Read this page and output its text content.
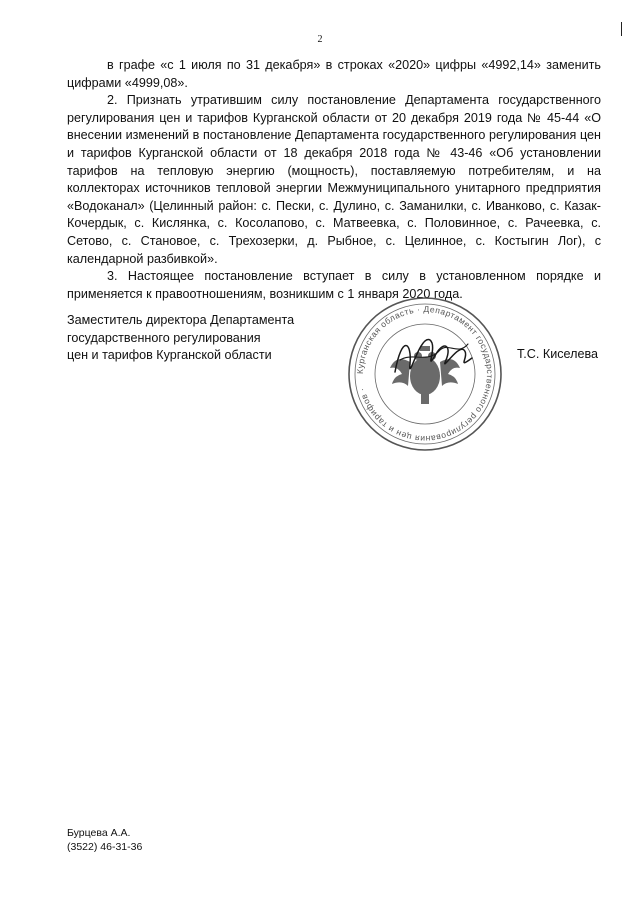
2

в графе «с 1 июля по 31 декабря» в строках «2020» цифры «4992,14» заменить цифрами «4999,08».

2. Признать утратившим силу постановление Департамента государственного регулирования цен и тарифов Курганской области от 20 декабря 2019 года № 45-44 «О внесении изменений в постановление Департамента государственного регулирования цен и тарифов Курганской области от 18 декабря 2018 года № 43-46 «Об установлении тарифов на тепловую энергию (мощность), поставляемую потребителям, и на коллекторах источников тепловой энергии Межмуниципального унитарного предприятия «Водоканал» (Целинный район: с. Пески, с. Дулино, с. Заманилки, с. Иванково, с. Казак-Кочердык, с. Кислянка, с. Косолапово, с. Матвеевка, с. Половинное, с. Рачеевка, с. Сетово, с. Становое, с. Трехозерки, д. Рыбное, с. Целинное, с. Костыгин Лог), с календарной разбивкой».

3. Настоящее постановление вступает в силу в установленном порядке и применяется к правоотношениям, возникшим с 1 января 2020 года.

Заместитель директора Департамента
государственного регулирования
цен и тарифов Курганской области
Курганская область · Департамент государственного регулирования цен и тарифов ·
Т.С. Киселева
Бурцева А.А.
(3522) 46-31-36
